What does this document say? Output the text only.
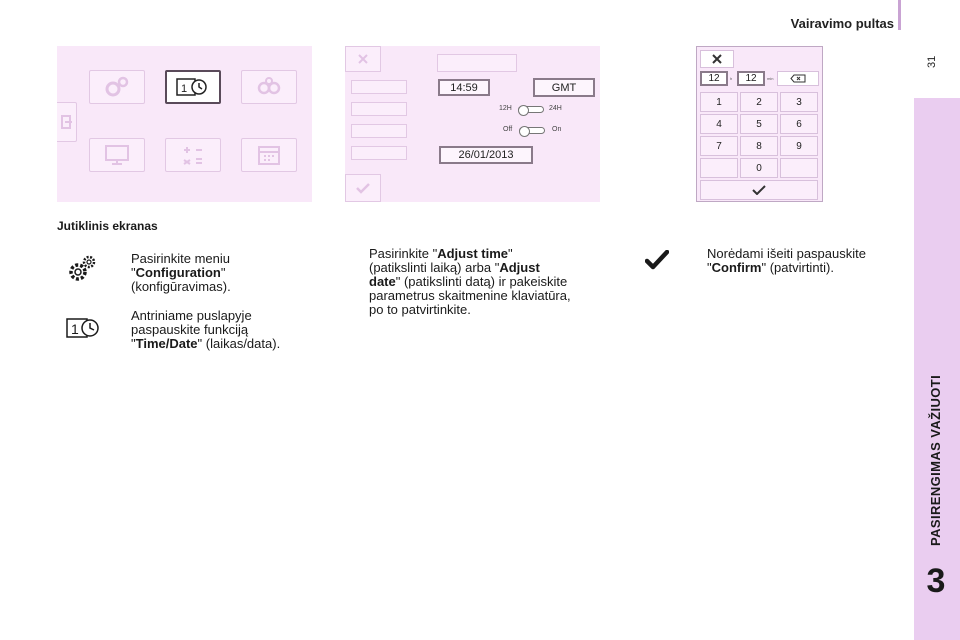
Vairavimo pultas
31
PASIRENGIMAS VAŽIUOTI
3
1	14:59	GMT
12H	24H
Off	On
26/01/2013
12	h	12	min
1	2	3
4	5	6
7	8	9
0
Jutiklinis ekranas
Pasirinkite meniu
"Configuration"
(konfigūravimas).
1
Antriniame puslapyje
paspauskite funkciją
"Time/Date" (laikas/data).
Pasirinkite "Adjust time"
(patikslinti laiką) arba "Adjust
date" (patikslinti datą) ir pakeiskite
parametrus skaitmenine klaviatūra,
po to patvirtinkite.
Norėdami išeiti paspauskite
"Confirm" (patvirtinti).
